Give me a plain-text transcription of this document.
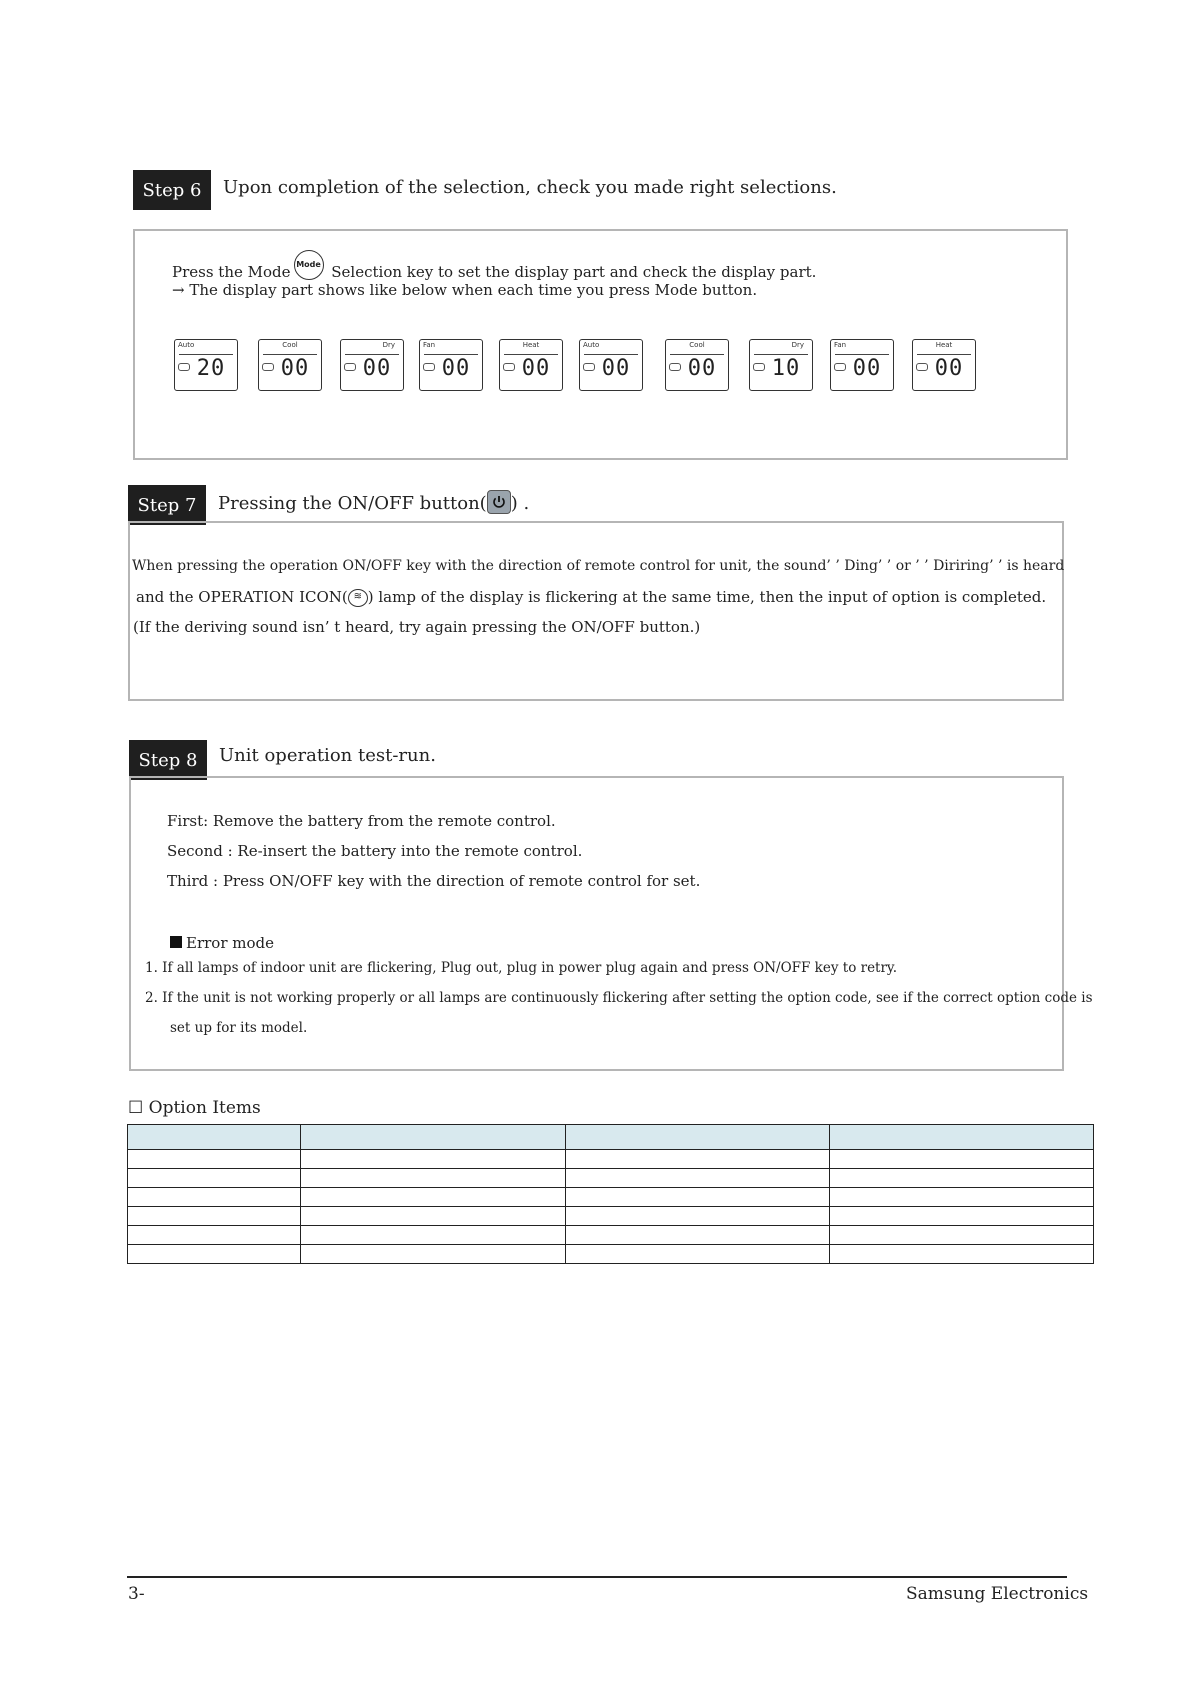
Step 6	Upon completion of the selection, check you made right selections.
Press the Mode Mode Selection key to set the display part and check the display part.
→ The display part shows like below when each time you press Mode button.
Auto
20
Cool
00
Dry
00
Fan
00
Heat
00
Auto
00
Cool
00
Dry
10
Fan
00
Heat
00
Step 7	Pressing the ON/OFF button( ) .
When pressing the operation ON/OFF key with the direction of remote control for unit, the sound’ ’ Ding’ ’ or ’ ’ Diriring’ ’ is heard
and the OPERATION ICON( ≋ ) lamp of the display is flickering at the same time, then the input of option is completed.
(If the deriving sound isn’ t heard, try again pressing the ON/OFF button.)
Step 8	Unit operation test-run.
First: Remove the battery from the remote control.
Second : Re-insert the battery into the remote control.
Third : Press ON/OFF key with the direction of remote control for set.
Error mode
1. If all lamps of indoor unit are flickering, Plug out, plug in power plug again and press ON/OFF key to retry.
2. If the unit is not working properly or all lamps are continuously flickering after setting the option code, see if the correct option code is
set up for its model.
☐ Option Items

3-	Samsung Electronics
